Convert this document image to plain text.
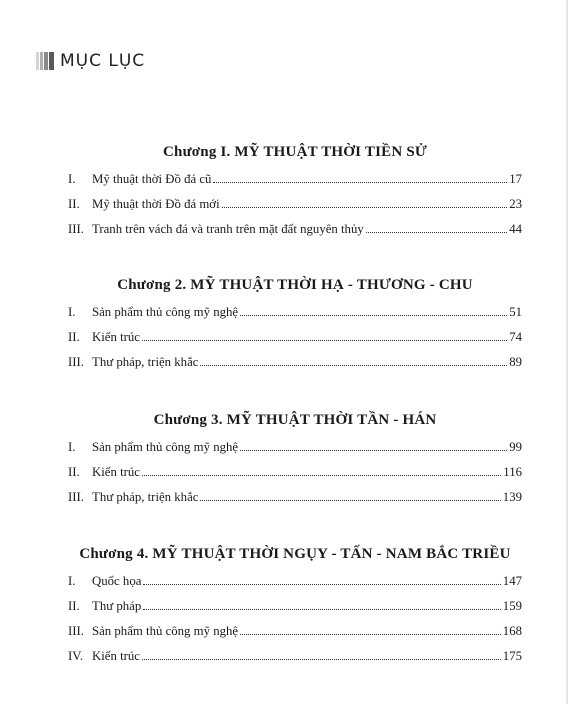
MỤC LỤC
Chương I. MỸ THUẬT THỜI TIỀN SỬ
I.	Mỹ thuật thời Đồ đá cũ	17
II. Mỹ thuật thời Đồ đá mới	23
III. Tranh trên vách đá và tranh trên mặt đất nguyên thủy	44
Chương 2. MỸ THUẬT THỜI HẠ - THƯƠNG - CHU
I.	Sản phẩm thủ công mỹ nghệ	51
II. Kiến trúc	74
III. Thư pháp, triện khắc	89
Chương 3. MỸ THUẬT THỜI TẦN - HÁN
I.	Sản phẩm thủ công mỹ nghệ	99
II. Kiến trúc	116
III. Thư pháp, triện khắc	139
Chương 4. MỸ THUẬT THỜI NGỤY - TẤN - NAM BẮC TRIỀU
I.	Quốc họa	147
II. Thư pháp	159
III. Sản phẩm thủ công mỹ nghệ	168
IV. Kiến trúc	175
